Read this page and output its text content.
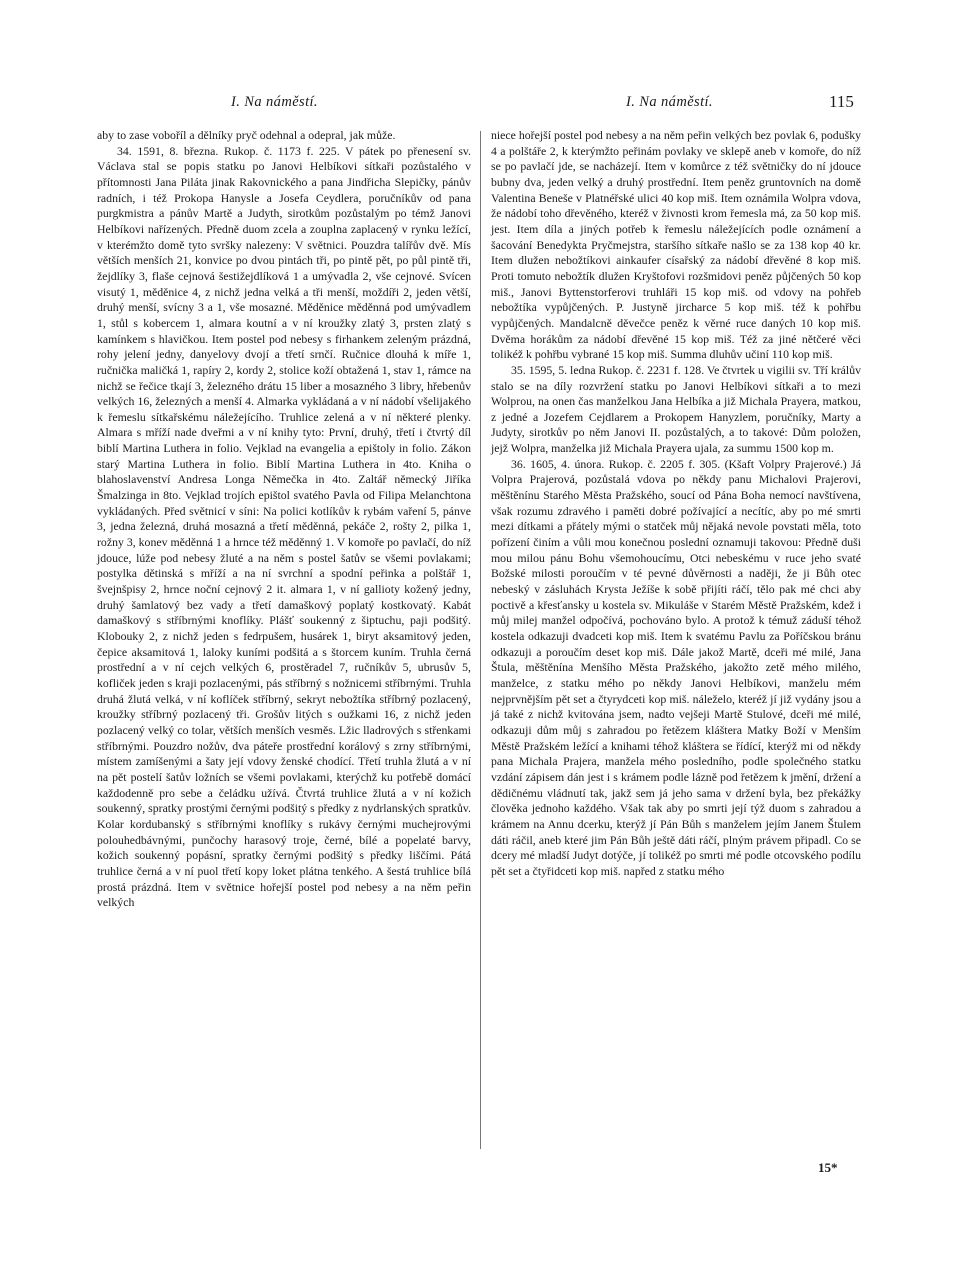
I. Na náměstí.	I. Na náměstí.	115

aby to zase voboříl a dělníky pryč odehnal a odepral, jak může.

34. 1591, 8. března. Rukop. č. 1173 f. 225. V pátek po přenesení sv. Václava stal se popis statku po Janovi Helbíkovi sítkaři pozůstalého v přítomnosti Jana Piláta jinak Rakovnického a pana Jindřicha Slepičky, pánův radních, i též Prokopa Hanysle a Josefa Ceydlera, poručníkův od pana purgkmistra a pánův Martě a Judyth, sirotkům pozůstalým po témž Janovi Helbíkovi nařízených. Předně duom zcela a zouplna zaplacený v rynku ležící, v kterémžto domě tyto svršky nalezeny: V světnici. Pouzdra talířův dvě. Mís větších menších 21, konvice po dvou pintách tři, po pintě pět, po půl pintě tři, žejdlíky 3, flaše cejnová šestižejdlíková 1 a umývadla 2, vše cejnové. Svícen visutý 1, měděnice 4, z nichž jedna velká a tři menší, moždíři 2, jeden větší, druhý menší, svícny 3 a 1, vše mosazné. Měděnice měděnná pod umývadlem 1, stůl s kobercem 1, almara koutní a v ní kroužky zlatý 3, prsten zlatý s kamínkem s hlavičkou. Item postel pod nebesy s firhankem zeleným prázdná, rohy jelení jedny, danyelovy dvojí a třetí srnčí. Ručnice dlouhá k míře 1, ručnička maličká 1, rapíry 2, kordy 2, stolice koží obtažená 1, stav 1, rámce na nichž se řečice tkají 3, železného drátu 15 liber a mosazného 3 libry, hřebenův velkých 16, železných a menší 4. Almarka vykládaná a v ní nádobí všelijakého k řemeslu sítkařskému náležejícího. Truhlice zelená a v ní některé plenky. Almara s mříží nade dveřmi a v ní knihy tyto: První, druhý, třetí i čtvrtý díl biblí Martina Luthera in folio. Vejklad na evangelia a epištoly in folio. Zákon starý Martina Luthera in folio. Biblí Martina Luthera in 4to. Kniha o blahoslavenství Andresa Longa Němečka in 4to. Zaltář německý Jiříka Šmalzinga in 8to. Vejklad trojích epištol svatého Pavla od Filipa Melanchtona vykládaných. Před světnicí v síni: Na polici kotlíkův k rybám vaření 5, pánve 3, jedna železná, druhá mosazná a třetí měděnná, pekáče 2, rošty 2, pilka 1, rožny 3, konev měděnná 1 a hrnce též měděnný 1. V komoře po pavlačí, do níž jdouce, lúže pod nebesy žluté a na něm s postel šatův se všemi povlakami; postylka dětinská s mříží a na ní svrchní a spodní peřinka a polštář 1, švejnšpisy 2, hrnce noční cejnový 2 it. almara 1, v ní gallioty kožený jedny, druhý šamlatový bez vady a třetí damaškový poplatý kostkovatý. Kabát damaškový s stříbrnými knoflíky. Plášť soukenný z šiptuchu, paji podšitý. Klobouky 2, z nichž jeden s fedrpušem, husárek 1, biryt aksamitový jeden, čepice aksamitová 1, laloky kuními podšitá a s štorcem kuním. Truhla černá prostřední a v ní cejch velkých 6, prostěradel 7, ručníkův 5, ubrusův 5, kofliček jeden s kraji pozlacenými, pás stříbrný s nožnicemi stříbrnými. Truhla druhá žlutá velká, v ní koflíček stříbrný, sekryt nebožtíka stříbrný pozlacený, kroužky stříbrný pozlacený tři. Grošův litých s oužkami 16, z nichž jeden pozlacený velký co tolar, větších menších vesměs. Lžic lladrových s střenkami stříbrnými. Pouzdro nožův, dva páteře prostřední korálový s zrny stříbrnými, místem zamíšenými a šaty její vdovy ženské chodící. Třetí truhla žlutá a v ní na pět postelí šatův ložních se všemi povlakami, kterýchž ku potřebě domácí každodenně pro sebe a čeládku užívá. Čtvrtá truhlice žlutá a v ní kožich soukenný, spratky prostými černými podšitý s předky z nydrlanských spratkův. Kolar kordubanský s stříbrnými knoflíky s rukávy černými muchejrovými polouhedbávnými, punčochy harasový troje, černé, bílé a popelaté barvy, kožich soukenný popásní, spratky černými podšitý s předky liščími. Pátá truhlice černá a v ní puol třetí kopy loket plátna tenkého. A šestá truhlice bílá prostá prázdná. Item v světnice hořejší postel pod nebesy a na něm peřin velkých

niece hořejší postel pod nebesy a na něm peřin velkých bez povlak 6, podušky 4 a polštáře 2, k kterýmžto peřinám povlaky ve sklepě aneb v komoře, do níž se po pavlačí jde, se nacházejí. Item v komůrce z též světničky do ní jdouce bubny dva, jeden velký a druhý prostřední. Item peněz gruntovních na domě Valentina Beneše v Platnéřské ulici 40 kop miš. Item oznámila Wolpra vdova, že nádobí toho dřevěného, kteréž v živnosti krom řemesla má, za 50 kop miš. jest. Item díla a jiných potřeb k řemeslu náležejících podle oznámení a šacování Benedykta Pryčmejstra, staršího sítkaře našlo se za 138 kop 40 kr. Item dlužen nebožtíkovi ainkaufer císařský za nádobí dřevěné 8 kop miš. Proti tomuto nebožtík dlužen Kryštofovi rozšmidovi peněz půjčených 50 kop miš., Janovi Byttenstorferovi truhláři 15 kop miš. od vdovy na pohřeb nebožtíka vypůjčených. P. Justyně jircharce 5 kop miš. též k pohřbu vypůjčených. Mandalcně děvečce peněz k věrné ruce daných 10 kop miš. Dvěma horákům za nádobí dřevěné 15 kop miš. Též za jiné nětčeré věci tolikéž k pohřbu vybrané 15 kop miš. Summa dluhův učiní 110 kop miš.

35. 1595, 5. ledna Rukop. č. 2231 f. 128. Ve čtvrtek u vigilii sv. Tří králův stalo se na díly rozvržení statku po Janovi Helbíkovi sítkaři a to mezi Wolprou, na onen čas manželkou Jana Helbíka a již Michala Prayera, matkou, z jedné a Jozefem Cejdlarem a Prokopem Hanyzlem, poručníky, Marty a Judyty, sirotkův po něm Janovi II. pozůstalých, a to takové: Dům položen, jejž Wolpra, manželka již Michala Prayera ujala, za summu 1500 kop m.

36. 1605, 4. února. Rukop. č. 2205 f. 305. (Kšaft Volpry Prajerové.) Já Volpra Prajerová, pozůstalá vdova po někdy panu Michalovi Prajerovi, měštěnínu Starého Města Pražského, soucí od Pána Boha nemocí navštívena, však rozumu zdravého i paměti dobré požívající a necítíc, aby po mé smrti mezi dítkami a přátely mými o statček můj nějaká nevole povstati měla, toto pořízení činím a vůli mou konečnou poslední oznamuji takovou: Předně duši mou milou pánu Bohu všemohoucímu, Otci nebeskému v ruce jeho svaté Božské milosti poroučím v té pevné důvěrnosti a naději, že ji Bůh otec nebeský v zásluhách Krysta Ježíše k sobě přijíti ráčí, tělo pak mé chci aby poctivě a křesťansky u kostela sv. Mikuláše v Starém Městě Pražském, kdež i můj milej manžel odpočívá, pochováno bylo. A protož k témuž záduší téhož kostela odkazuji dvadceti kop miš. Item k svatému Pavlu za Poříčskou bránu odkazuji a poroučím deset kop miš. Dále jakož Martě, dceři mé milé, Jana Štula, měštěnína Menšího Města Pražského, jakožto zetě mého milého, manželce, z statku mého po někdy Janovi Helbíkovi, manželu mém nejprvnějším pět set a čtyrydceti kop miš. náleželo, kteréž jí již vydány jsou a já také z nichž kvitována jsem, nadto vejšeji Martě Stulové, dceři mé milé, odkazuji dům můj s zahradou po řetězem kláštera Matky Boží v Menším Městě Pražském ležící a knihami téhož kláštera se řídící, kterýž mi od někdy pana Michala Prajera, manžela mého posledního, podle společného statku vzdání zápisem dán jest i s krámem podle lázně pod řetězem k jmění, držení a dědičnému vládnutí tak, jakž sem já jeho sama v držení byla, bez překážky člověka jednoho každého. Však tak aby po smrti její týž duom s zahradou a krámem na Annu dcerku, kterýž jí Pán Bůh s manželem jejím Janem Štulem dáti ráčil, aneb které jim Pán Bůh ještě dáti ráčí, plným právem připadl. Co se dcery mé mladší Judyt dotýče, jí tolikéž po smrti mé podle otcovského podílu pět set a čtyřidceti kop miš. napřed z statku mého

15*
